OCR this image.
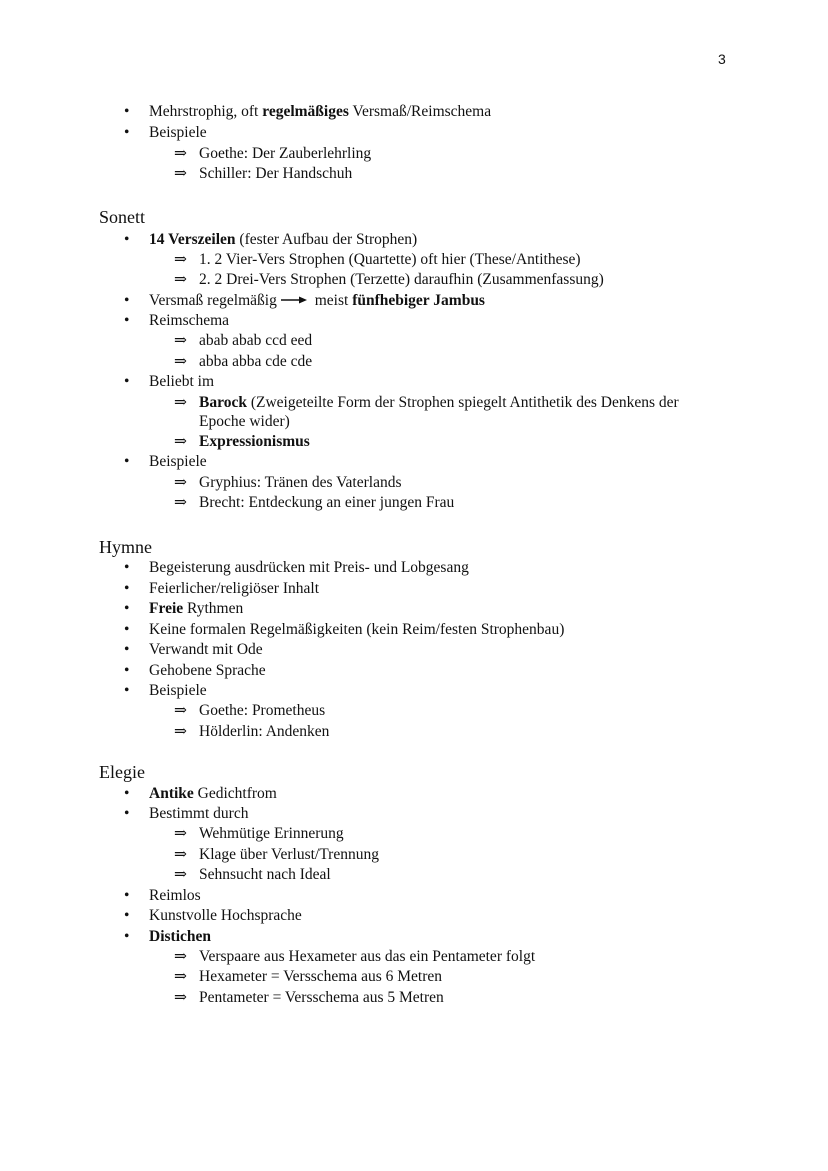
3
• Mehrstrophig, oft regelmäßiges Versmaß/Reimschema
• Beispiele
⇒ Goethe: Der Zauberlehrling
⇒ Schiller: Der Handschuh
Sonett
• 14 Verszeilen (fester Aufbau der Strophen)
⇒ 1. 2 Vier-Vers Strophen (Quartette) oft hier (These/Antithese)
⇒ 2. 2 Drei-Vers Strophen (Terzette) daraufhin (Zusammenfassung)
• Versmaß regelmäßig meist fünfhebiger Jambus
• Reimschema
⇒ abab abab ccd eed
⇒ abba abba cde cde
• Beliebt im
⇒ Barock (Zweigeteilte Form der Strophen spiegelt Antithetik des Denkens der
Epoche wider)
⇒ Expressionismus
• Beispiele
⇒ Gryphius: Tränen des Vaterlands
⇒ Brecht: Entdeckung an einer jungen Frau
Hymne
• Begeisterung ausdrücken mit Preis- und Lobgesang
• Feierlicher/religiöser Inhalt
• Freie Rythmen
• Keine formalen Regelmäßigkeiten (kein Reim/festen Strophenbau)
• Verwandt mit Ode
• Gehobene Sprache
• Beispiele
⇒ Goethe: Prometheus
⇒ Hölderlin: Andenken
Elegie
• Antike Gedichtfrom
• Bestimmt durch
⇒ Wehmütige Erinnerung
⇒ Klage über Verlust/Trennung
⇒ Sehnsucht nach Ideal
• Reimlos
• Kunstvolle Hochsprache
• Distichen
⇒ Verspaare aus Hexameter aus das ein Pentameter folgt
⇒ Hexameter = Versschema aus 6 Metren
⇒ Pentameter = Versschema aus 5 Metren
